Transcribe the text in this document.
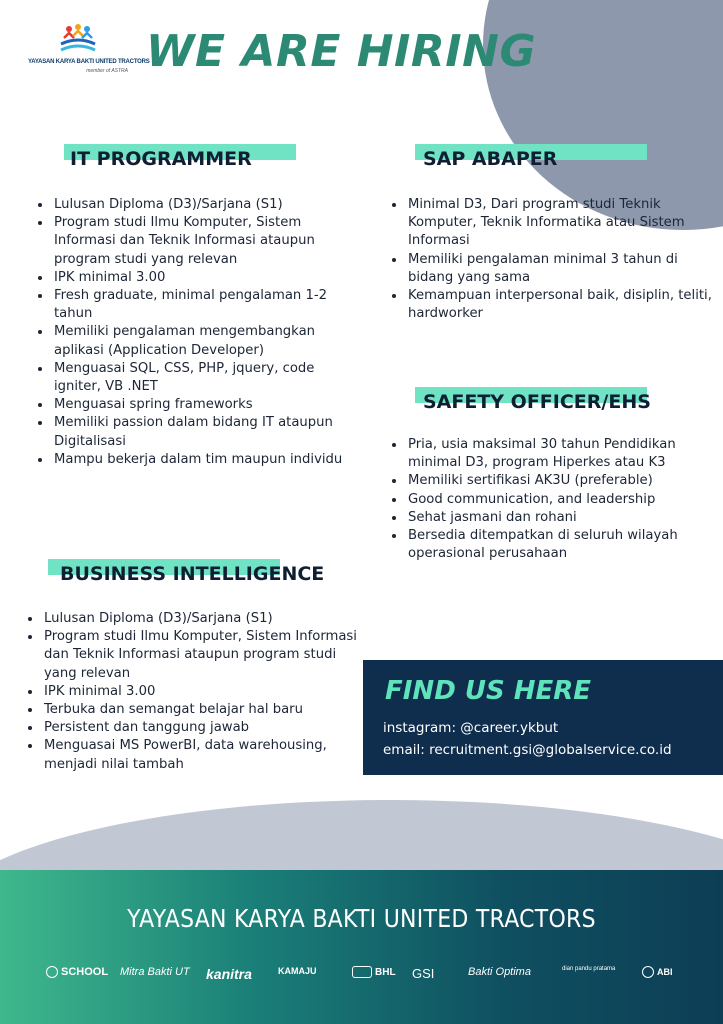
YAYASAN KARYA BAKTI UNITED TRACTORS
member of ASTRA WE ARE HIRING
IT PROGRAMMER
• Lulusan Diploma (D3)/Sarjana (S1)
• Program studi Ilmu Komputer, Sistem Informasi dan Teknik Informasi ataupun program studi yang relevan
• IPK minimal 3.00
• Fresh graduate, minimal pengalaman 1-2 tahun
• Memiliki pengalaman mengembangkan aplikasi (Application Developer)
• Menguasai SQL, CSS, PHP, jquery, code igniter, VB .NET
• Menguasai spring frameworks
• Memiliki passion dalam bidang IT ataupun Digitalisasi
• Mampu bekerja dalam tim maupun individu
SAP ABAPER
• Minimal D3, Dari program studi Teknik Komputer, Teknik Informatika atau Sistem Informasi
• Memiliki pengalaman minimal 3 tahun di bidang yang sama
• Kemampuan interpersonal baik, disiplin, teliti, hardworker
SAFETY OFFICER/EHS
• Pria, usia maksimal 30 tahun Pendidikan minimal D3, program Hiperkes atau K3
• Memiliki sertifikasi AK3U (preferable)
• Good communication, and leadership
• Sehat jasmani dan rohani
• Bersedia ditempatkan di seluruh wilayah operasional perusahaan
BUSINESS INTELLIGENCE
• Lulusan Diploma (D3)/Sarjana (S1)
• Program studi Ilmu Komputer, Sistem Informasi dan Teknik Informasi ataupun program studi yang relevan
• IPK minimal 3.00
• Terbuka dan semangat belajar hal baru
• Persistent dan tanggung jawab
• Menguasai MS PowerBI, data warehousing, menjadi nilai tambah
FIND US HERE
instagram: @career.ykbut
email: recruitment.gsi@globalservice.co.id
YAYASAN KARYA BAKTI UNITED TRACTORS
SCHOOL Mitra Bakti UT kanitra	KAMAJU	BHL GSI	Bakti Optima	dian pandu pratama	ABI
